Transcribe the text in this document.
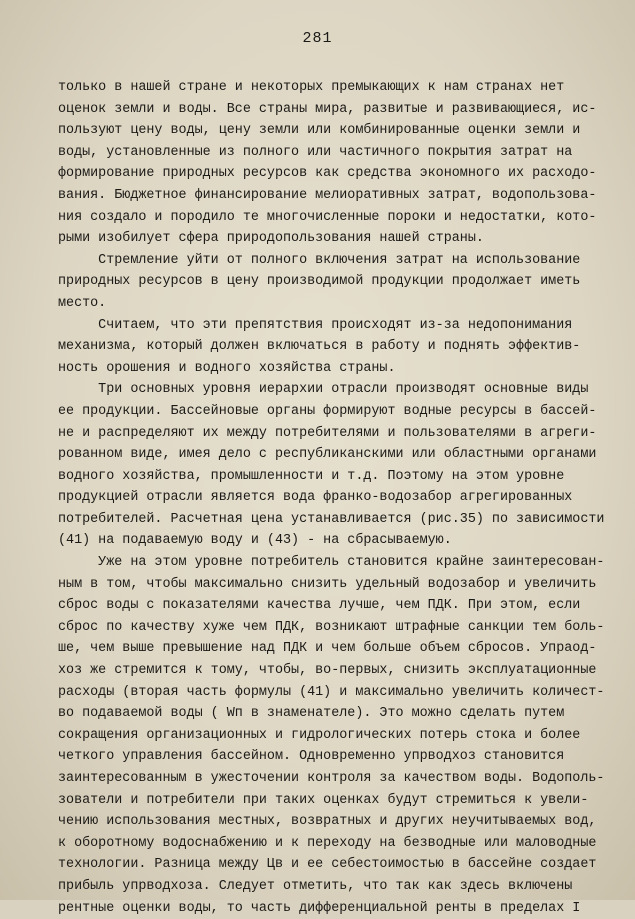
281
только в нашей стране и некоторых премыкающих к нам странах нет
оценок земли и воды. Все страны мира, развитые и развивающиеся, ис-
пользуют цену воды, цену земли или комбинированные оценки земли и
воды, установленные из полного или частичного покрытия затрат на
формирование природных ресурсов как средства экономного их расходо-
вания. Бюджетное финансирование мелиоративных затрат, водопользова-
ния создало и породило те многочисленные пороки и недостатки, кото-
рыми изобилует сфера природопользования нашей страны.
Стремление уйти от полного включения затрат на использование
природных ресурсов в цену производимой продукции продолжает иметь
место.
Считаем, что эти препятствия происходят из-за недопонимания
механизма, который должен включаться в работу и поднять эффектив-
ность орошения и водного хозяйства страны.
Три основных уровня иерархии отрасли производят основные виды
ее продукции. Бассейновые органы формируют водные ресурсы в бассей-
не и распределяют их между потребителями и пользователями в агреги-
рованном виде, имея дело с республиканскими или областными органами
водного хозяйства, промышленности и т.д. Поэтому на этом уровне
продукцией отрасли является вода франко-водозабор агрегированных
потребителей. Расчетная цена устанавливается (рис.35) по зависимости
(41) на подаваемую воду и (43) - на сбрасываемую.
Уже на этом уровне потребитель становится крайне заинтересован-
ным в том, чтобы максимально снизить удельный водозабор и увеличить
сброс воды с показателями качества лучше, чем ПДК. При этом, если
сброс по качеству хуже чем ПДК, возникают штрафные санкции тем боль-
ше, чем выше превышение над ПДК и чем больше объем сбросов. Упраод-
хоз же стремится к тому, чтобы, во-первых, снизить эксплуатационные
расходы (вторая часть формулы (41) и максимально увеличить количест-
во подаваемой воды ( Wп в знаменателе). Это можно сделать путем
сокращения организационных и гидрологических потерь стока и более
четкого управления бассейном. Одновременно упрводхоз становится
заинтересованным в ужесточении контроля за качеством воды. Водополь-
зователи и потребители при таких оценках будут стремиться к увели-
чению использования местных, возвратных и других неучитываемых вод,
к оборотному водоснабжению и к переходу на безводные или маловодные
технологии. Разница между Цв и ее себестоимостью в бассейне создает
прибыль упрводхоза. Следует отметить, что так как здесь включены
рентные оценки воды, то часть дифференциальной ренты в пределах I
